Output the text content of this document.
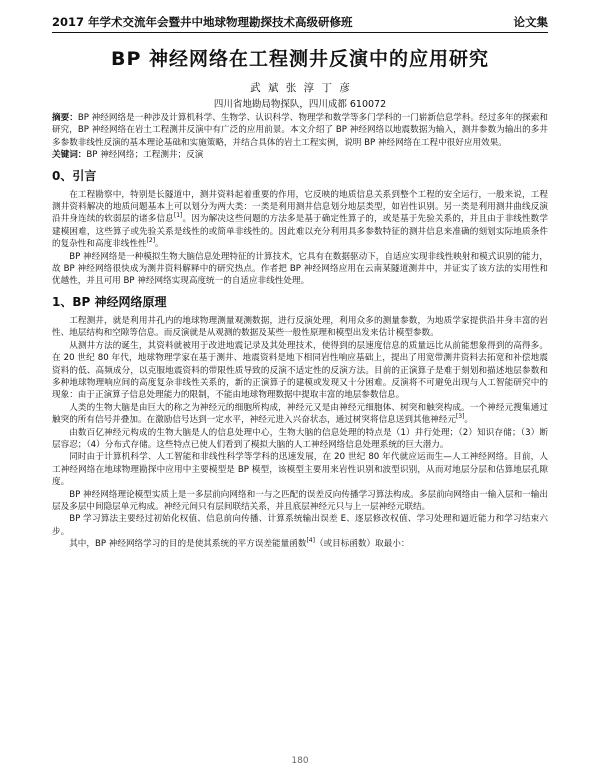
2017 年学术交流年会暨井中地球物理勘探技术高级研修班	论文集
BP 神经网络在工程测井反演中的应用研究
武 斌 张 淳 丁 彦
四川省地勘局物探队，四川成都 610072

摘要：BP 神经网络是一种涉及计算机科学、生物学、认识科学、物理学和数学等多门学科的一门崭新信息学科。经过多年的探索和研究，BP 神经网络在岩土工程测井反演中有广泛的应用前景。本文介绍了 BP 神经网络以地震数据为输入，测井参数为输出的多井多参数非线性反演的基本理论基础和实施策略，并结合具体的岩土工程实例，说明 BP 神经网络在工程中很好应用效果。

关键词：BP 神经网络；工程测井；反演

0、引言

在工程勘察中，特别是长隧道中，测井资料起着重要的作用，它反映的地质信息关系到整个工程的安全运行，一般来说，工程测井资料解决的地质问题基本上可以划分为两大类：一类是利用测井信息划分地层类型，如岩性识别。另一类是利用测井曲线反演沿井身连续的软弱层的诸多信息[1]。因为解决这些问题的方法多是基于确定性算子的，或是基于先验关系的，并且由于非线性数学建模困难，这些算子或先验关系是线性的或简单非线性的。因此难以充分利用具多参数特征的测井信息来准确的刻划实际地质条件的复杂性和高度非线性性[2]。

BP 神经网络是一种模拟生物大脑信息处理特征的计算技术，它具有在数据驱动下，自适应实现非线性映射和模式识别的能力，故 BP 神经网络很快成为测井资料解释中的研究热点。作者把 BP 神经网络应用在云南某隧道测井中，并证实了该方法的实用性和优越性，并且可用 BP 神经网络实现高度统一的自适应非线性处理。

1、BP 神经网络原理

工程测井，就是利用井孔内的地球物理测量观测数据，进行反演处理，利用众多的测量参数，为地质学家提供沿井身丰富的岩性、地层结构和空隙等信息。而反演就是从观测的数据及某些一般性原理和模型出发来估计模型参数。

从测井方法的诞生，其资料就被用于改进地震记录及其处理技术，使得到的层速度信息的质量远比从前能想象得到的高得多。在 20 世纪 80 年代，地球物理学家在基于测井、地震资料是地下相同岩性响应基础上，提出了用宽带测井资料去拓宽和补偿地震资料的低、高频成分，以克服地震资料的带限性质导致的反演不适定性的反演方法。目前的正演算子是难于刻划和描述地层参数和多种地球物理响应间的高度复杂非线性关系的，新的正演算子的建模或发现又十分困难。反演将不可避免出现与人工智能研究中的现象：由于正演算子信息处理能力的限制，不能由地球物理数据中提取丰富的地层参数信息。

人类的生物大脑是由巨大的称之为神经元的细胞所构成，神经元又是由神经元细胞体、树突和触突构成。一个神经元搜集通过触突的所有信号并叠加。在激励信号达到一定水平，神经元进入兴奋状态，通过树突将信息送到其他神经元[3]。

由数百亿神经元构成的生物大脑是人的信息处理中心，生物大脑的信息处理的特点是（1）并行处理；（2）知识存储；（3）断层容忍；（4）分布式存储。这些特点已使人们看到了模拟大脑的人工神经网络信息处理系统的巨大潜力。

同时由于计算机科学、人工智能和非线性科学等学科的迅速发展，在 20 世纪 80 年代就应运而生—人工神经网络。目前，人工神经网络在地球物理勘探中应用中主要模型是 BP 模型，该模型主要用来岩性识别和波型识别，从而对地层分层和估算地层孔隙度。

BP 神经网络理论模型实质上是一多层前向网络和一与之匹配的误差反向传播学习算法构成。多层前向网络由一输入层和一输出层及多层中间隐层单元构成。神经元间只有层间联结关系，并且底层神经元只与上一层神经元联结。

BP 学习算法主要经过初始化权值、信息前向传播、计算系统输出误差 E、逐层修改权值、学习处理和逼近能力和学习结束六步。

其中，BP 神经网络学习的目的是使其系统的平方误差能量函数[4]（或目标函数）取最小：

180
